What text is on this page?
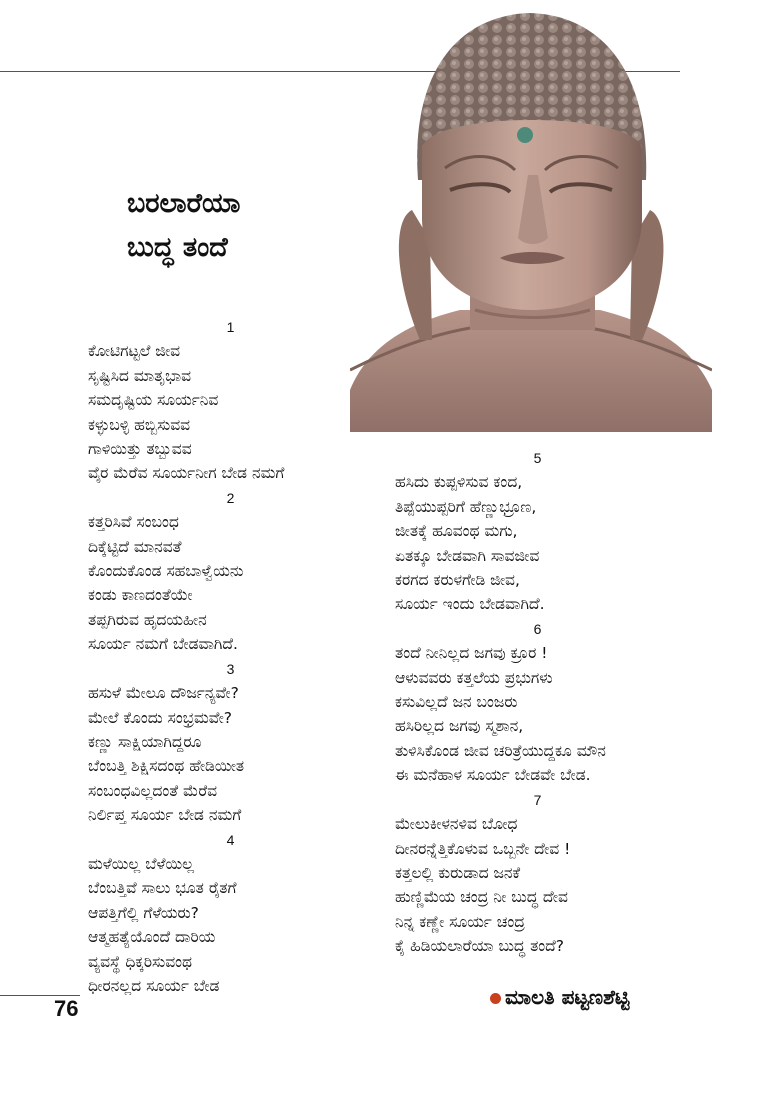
ಬರಲಾರೆಯಾ
ಬುದ್ಧ ತಂದೆ
1
ಕೋಟಿಗಟ್ಟಲೆ ಜೀವ
ಸೃಷ್ಟಿಸಿದ ಮಾತೃಭಾವ
ಸಮದೃಷ್ಟಿಯ ಸೂರ್ಯನಿವ
ಕಳ್ಳುಬಳ್ಳಿ ಹಬ್ಬಿಸುವವ
ಗಾಳಿಯಿತ್ತು ತಬ್ಬುವವ
ವೈರ ಮೆರೆವ ಸೂರ್ಯನೀಗ ಬೇಡ ನಮಗೆ
2
ಕತ್ತರಿಸಿವೆ ಸಂಬಂಧ
ದಿಕ್ಕೆಟ್ಟಿದೆ ಮಾನವತೆ
ಕೊಂದುಕೊಂಡ ಸಹಬಾಳ್ವೆಯನು
ಕಂಡು ಕಾಣದಂತೆಯೇ
ತಪ್ಪಗಿರುವ ಹೃದಯಹೀನ
ಸೂರ್ಯ ನಮಗೆ ಬೇಡವಾಗಿದೆ.
3
ಹಸುಳೆ ಮೇಲೂ ದೌರ್ಜನ್ಯವೇ?
ಮೇಲೆ ಕೊಂದು ಸಂಭ್ರಮವೇ?
ಕಣ್ಣು ಸಾಕ್ಷಿಯಾಗಿದ್ದರೂ
ಬೆಂಬತ್ತಿ ಶಿಕ್ಷಿಸದಂಥ ಹೇಡಿಯೀತ
ಸಂಬಂಧವಿಲ್ಲದಂತೆ ಮೆರೆವ
ನಿರ್ಲಿಪ್ತ ಸೂರ್ಯ ಬೇಡ ನಮಗೆ
4
ಮಳೆಯಿಲ್ಲ ಬೆಳೆಯಿಲ್ಲ
ಬೆಂಬತ್ತಿವೆ ಸಾಲು ಭೂತ ರೈತಗೆ
ಆಪತ್ತಿಗೆಲ್ಲಿ ಗೆಳೆಯರು?
ಆತ್ಮಹತ್ಯೆಯೊಂದೆ ದಾರಿಯ
ವ್ಯವಸ್ಥೆ ಧಿಕ್ಕರಿಸುವಂಥ
ಧೀರನಲ್ಲದ ಸೂರ್ಯ ಬೇಡ
5
ಹಸಿದು ಕುಪ್ಪಳಿಸುವ ಕಂದ,
ತಿಪ್ಪೆಯುಪ್ಪರಿಗೆ ಹೆಣ್ಣುಭ್ರೂಣ,
ಜೀತಕ್ಕೆ ಹೂವಂಥ ಮಗು,
ಏತಕ್ಕೂ ಬೇಡವಾಗಿ ಸಾವಜೀವ
ಕರಗದ ಕರುಳಗೇಡಿ ಜೀವ,
ಸೂರ್ಯ ಇಂದು ಬೇಡವಾಗಿದೆ.
6
ತಂದೆ ನೀನಿಲ್ಲದ ಜಗವು ಕ್ರೂರ !
ಆಳುವವರು ಕತ್ತಲೆಯ ಪ್ರಭುಗಳು
ಕಸುವಿಲ್ಲದೆ ಜನ ಬಂಜರು
ಹಸಿರಿಲ್ಲದ ಜಗವು ಸ್ಮಶಾನ,
ತುಳಿಸಿಕೊಂಡ ಜೀವ ಚರಿತ್ರೆಯುದ್ದಕೂ ಮೌನ
ಈ ಮನೆಹಾಳ ಸೂರ್ಯ ಬೇಡವೇ ಬೇಡ.
7
ಮೇಲುಕೀಳನಳಿವ ಬೋಧ
ದೀನರನ್ನೆತ್ತಿಕೊಳುವ ಒಬ್ಬನೇ ದೇವ !
ಕತ್ತಲಲ್ಲಿ ಕುರುಡಾದ ಜನಕೆ
ಹುಣ್ಣಿಮೆಯ ಚಂದ್ರ ನೀ ಬುದ್ಧ ದೇವ
ನಿನ್ನ ಕಣ್ಣೇ ಸೂರ್ಯ ಚಂದ್ರ
ಕೈ ಹಿಡಿಯಲಾರೆಯಾ ಬುದ್ಧ ತಂದೆ?
ಮಾಲತಿ ಪಟ್ಟಣಶೆಟ್ಟಿ
76
